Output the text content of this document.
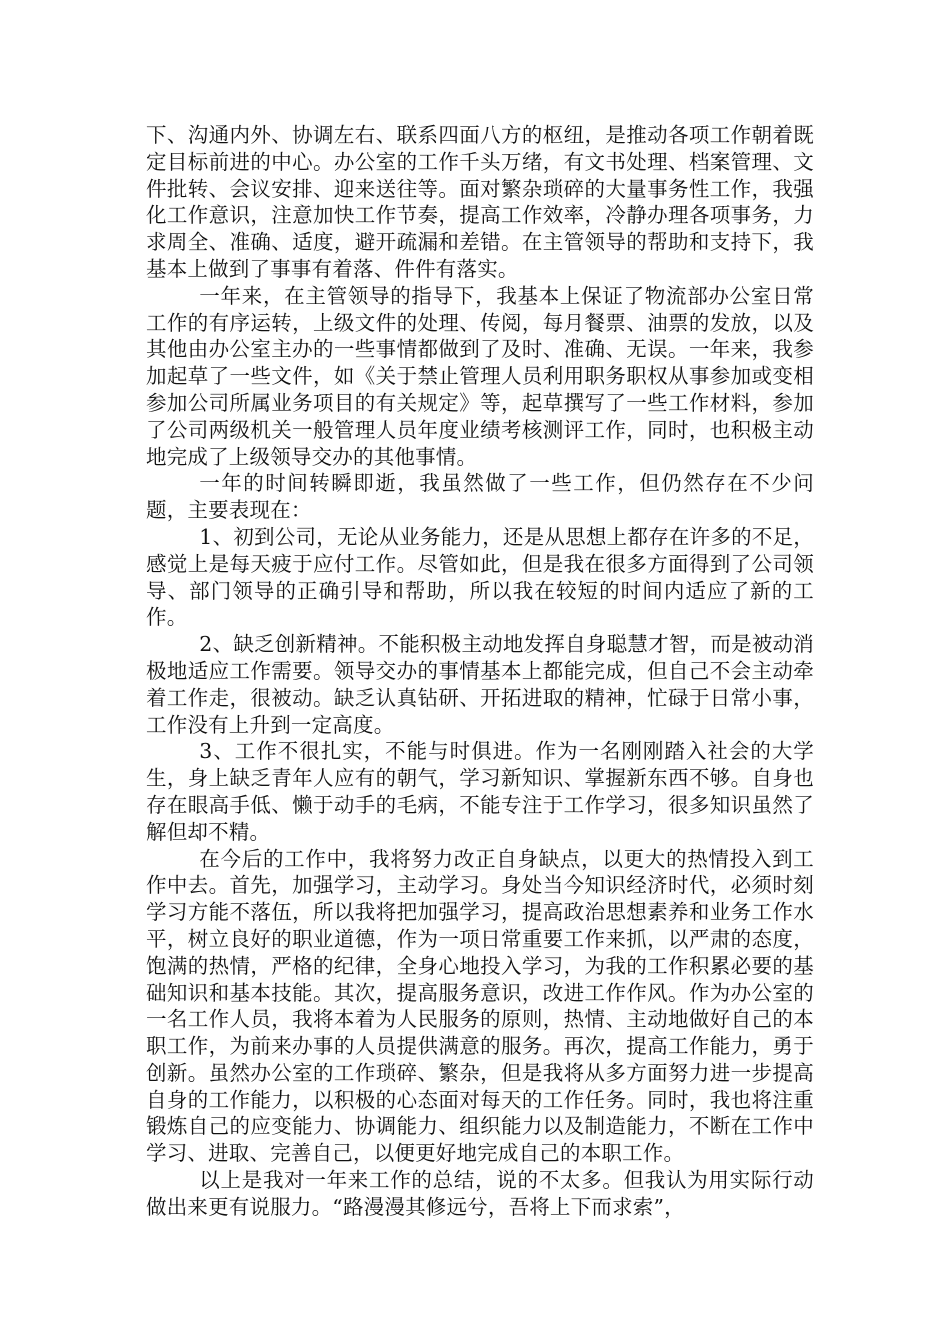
下、沟通内外、协调左右、联系四面八方的枢纽，是推动各项工作朝着既定目标前进的中心。办公室的工作千头万绪，有文书处理、档案管理、文件批转、会议安排、迎来送往等。面对繁杂琐碎的大量事务性工作，我强化工作意识，注意加快工作节奏，提高工作效率，冷静办理各项事务，力求周全、准确、适度，避开疏漏和差错。在主管领导的帮助和支持下，我基本上做到了事事有着落、件件有落实。

一年来，在主管领导的指导下，我基本上保证了物流部办公室日常工作的有序运转，上级文件的处理、传阅，每月餐票、油票的发放，以及其他由办公室主办的一些事情都做到了及时、准确、无误。一年来，我参加起草了一些文件，如《关于禁止管理人员利用职务职权从事参加或变相参加公司所属业务项目的有关规定》等，起草撰写了一些工作材料，参加了公司两级机关一般管理人员年度业绩考核测评工作，同时，也积极主动地完成了上级领导交办的其他事情。

一年的时间转瞬即逝，我虽然做了一些工作，但仍然存在不少问题，主要表现在：

1、初到公司，无论从业务能力，还是从思想上都存在许多的不足，感觉上是每天疲于应付工作。尽管如此，但是我在很多方面得到了公司领导、部门领导的正确引导和帮助，所以我在较短的时间内适应了新的工作。

2、缺乏创新精神。不能积极主动地发挥自身聪慧才智，而是被动消极地适应工作需要。领导交办的事情基本上都能完成，但自己不会主动牵着工作走，很被动。缺乏认真钻研、开拓进取的精神，忙碌于日常小事，工作没有上升到一定高度。

3、工作不很扎实，不能与时俱进。作为一名刚刚踏入社会的大学生，身上缺乏青年人应有的朝气，学习新知识、掌握新东西不够。自身也存在眼高手低、懒于动手的毛病，不能专注于工作学习，很多知识虽然了解但却不精。

在今后的工作中，我将努力改正自身缺点，以更大的热情投入到工作中去。首先，加强学习，主动学习。身处当今知识经济时代，必须时刻学习方能不落伍，所以我将把加强学习，提高政治思想素养和业务工作水平，树立良好的职业道德，作为一项日常重要工作来抓，以严肃的态度，饱满的热情，严格的纪律，全身心地投入学习，为我的工作积累必要的基础知识和基本技能。其次，提高服务意识，改进工作作风。作为办公室的一名工作人员，我将本着为人民服务的原则，热情、主动地做好自己的本职工作，为前来办事的人员提供满意的服务。再次，提高工作能力，勇于创新。虽然办公室的工作琐碎、繁杂，但是我将从多方面努力进一步提高自身的工作能力，以积极的心态面对每天的工作任务。同时，我也将注重锻炼自己的应变能力、协调能力、组织能力以及制造能力，不断在工作中学习、进取、完善自己，以便更好地完成自己的本职工作。

以上是我对一年来工作的总结，说的不太多。但我认为用实际行动做出来更有说服力。“路漫漫其修远兮，吾将上下而求索”，
